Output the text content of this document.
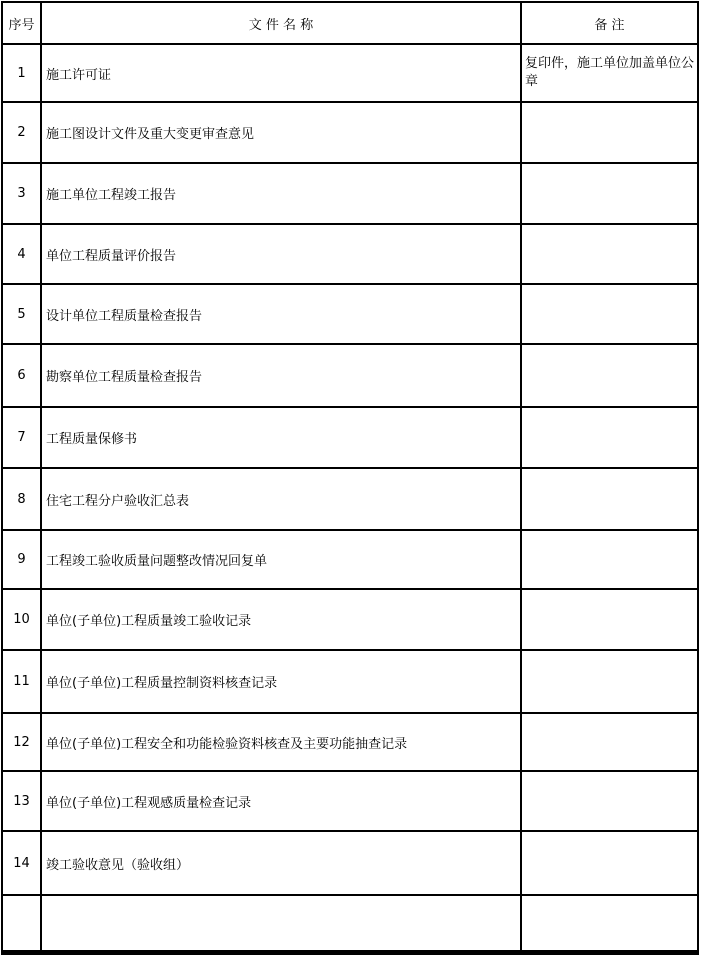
序号	文 件 名 称	备 注
1	施工许可证	复印件，施工单位加盖单位公章
2	施工图设计文件及重大变更审查意见	
3	施工单位工程竣工报告	
4	单位工程质量评价报告	
5	设计单位工程质量检查报告	
6	勘察单位工程质量检查报告	
7	工程质量保修书	
8	住宅工程分户验收汇总表	
9	工程竣工验收质量问题整改情况回复单	
10	单位(子单位)工程质量竣工验收记录	
11	单位(子单位)工程质量控制资料核查记录	
12	单位(子单位)工程安全和功能检验资料核查及主要功能抽查记录	
13	单位(子单位)工程观感质量检查记录	
14	竣工验收意见（验收组）	
